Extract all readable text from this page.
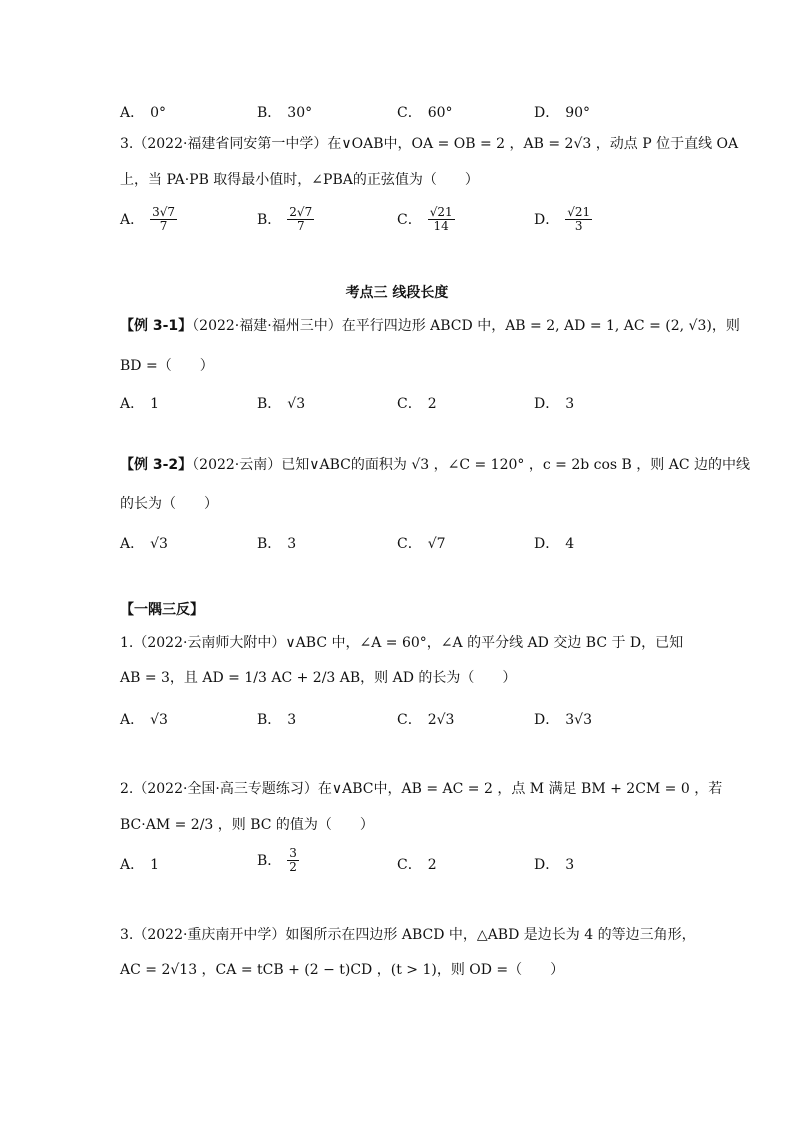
A． 0°	B． 30°	C． 60°	D． 90°
3.（2022·福建省同安第一中学）在∨OAB中，OA = OB = 2 ，AB = 2√3 ，动点 P 位于直线 OA
上，当 PA·PB 取得最小值时，∠PBA的正弦值为（　　）
A． $\frac{3√7}{7}$	B． $\frac{2√7}{7}$	C． $\frac{√21}{14}$	D． $\frac{√21}{3}$
考点三 线段长度
【例 3-1】（2022·福建·福州三中）在平行四边形 ABCD 中，AB = 2, AD = 1, AC = (2, √3)，则
BD =（　　）
A． 1	B． √3	C． 2	D． 3
【例 3-2】（2022·云南）已知∨ABC的面积为 √3 ，∠C = 120° ，c = 2b cos B ，则 AC 边的中线
的长为（　　）
A． √3	B． 3	C． √7	D． 4
【一隅三反】
1.（2022·云南师大附中）∨ABC 中，∠A = 60°，∠A 的平分线 AD 交边 BC 于 D，已知
AB = 3，且 AD = 1/3 AC + 2/3 AB，则 AD 的长为（　　）
A． √3	B． 3	C． 2√3	D． 3√3
2.（2022·全国·高三专题练习）在∨ABC中，AB = AC = 2 ，点 M 满足 BM + 2CM = 0 ，若
BC·AM = 2/3 ，则 BC 的值为（　　）
A． 1	B． $\frac{3}{2}$	C． 2	D． 3
3.（2022·重庆南开中学）如图所示在四边形 ABCD 中，△ABD 是边长为 4 的等边三角形，
AC = 2√13 ，CA = tCB + (2 − t)CD ，(t > 1)，则 OD =（　　）
